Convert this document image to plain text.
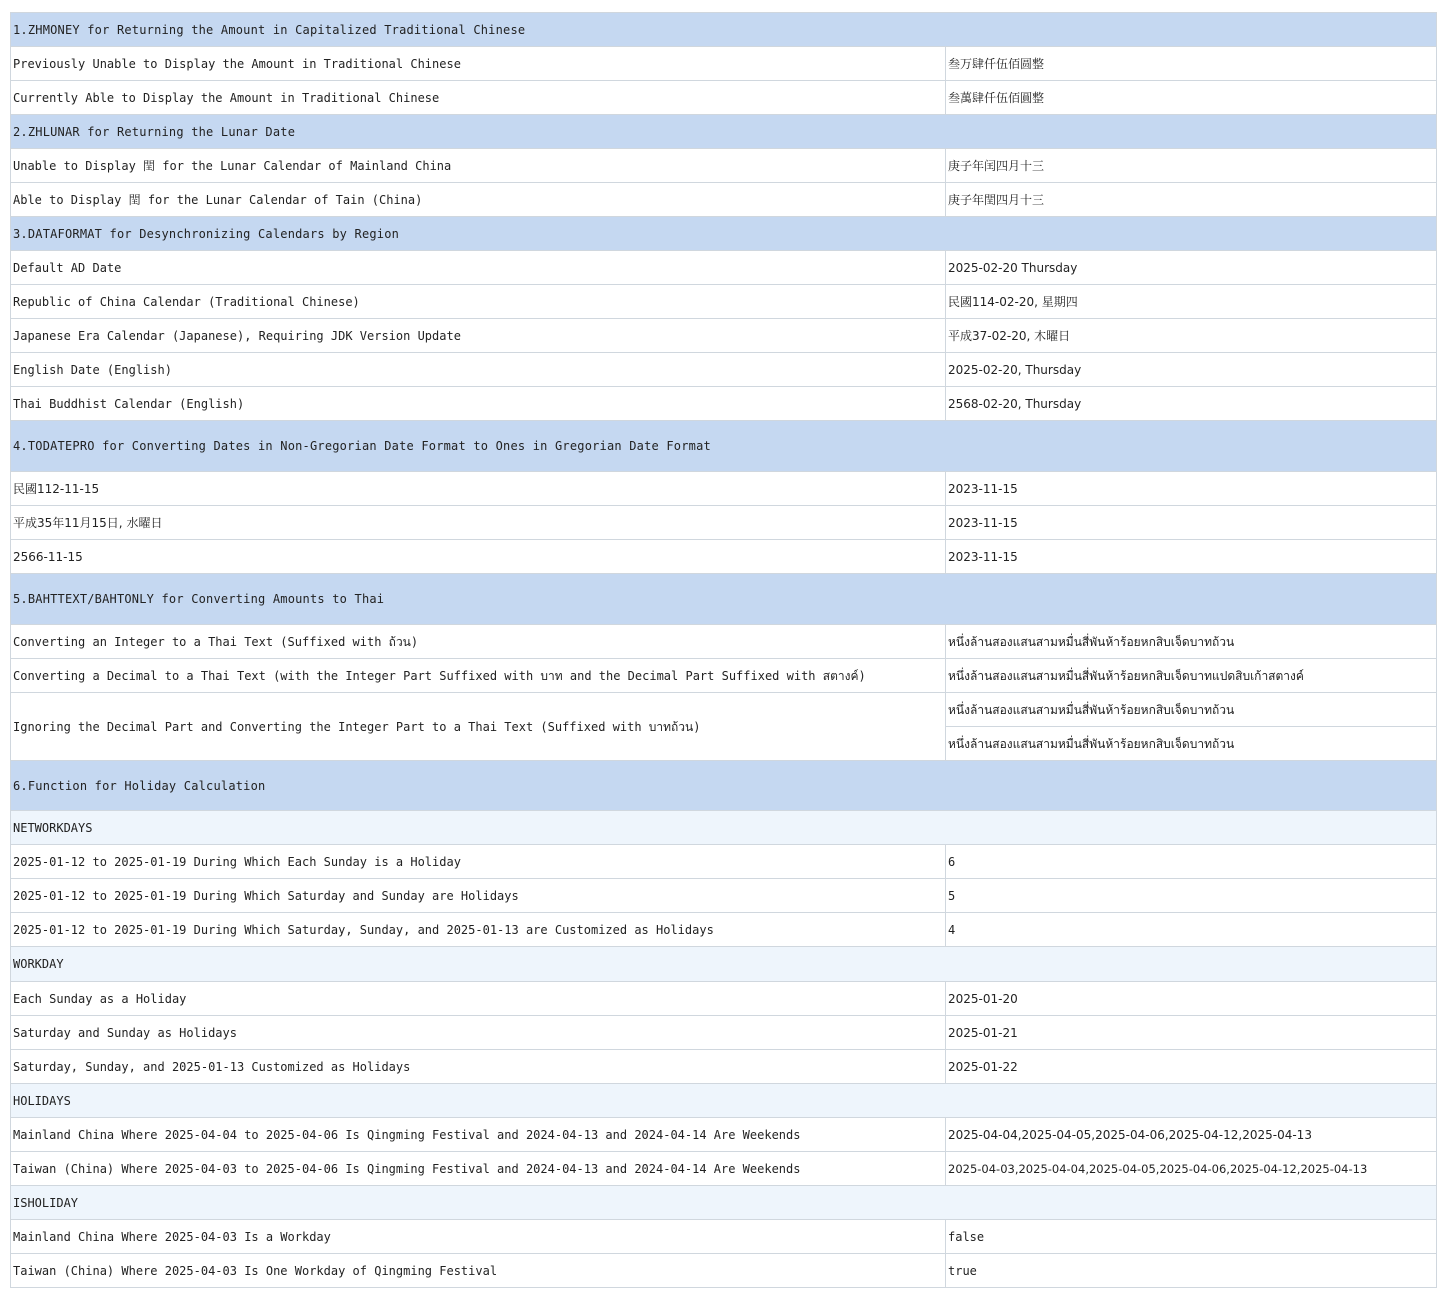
1.ZHMONEY for Returning the Amount in Capitalized Traditional Chinese	
Previously Unable to Display the Amount in Traditional Chinese	叁万肆仟伍佰圆整
Currently Able to Display the Amount in Traditional Chinese	叁萬肆仟伍佰圓整
2.ZHLUNAR for Returning the Lunar Date	
Unable to Display 閏 for the Lunar Calendar of Mainland China	庚子年闰四月十三
Able to Display 閏 for the Lunar Calendar of Tain (China)	庚子年閏四月十三
3.DATAFORMAT for Desynchronizing Calendars by Region	
Default AD Date	2025-02-20 Thursday
Republic of China Calendar (Traditional Chinese)	民國114-02-20, 星期四
Japanese Era Calendar (Japanese), Requiring JDK Version Update	平成37-02-20, 木曜日
English Date (English)	2025-02-20, Thursday
Thai Buddhist Calendar (English)	2568-02-20, Thursday
4.TODATEPRO for Converting Dates in Non-Gregorian Date Format to Ones in Gregorian Date Format	
民國112-11-15	2023-11-15
平成35年11月15日, 水曜日	2023-11-15
2566-11-15	2023-11-15
5.BAHTTEXT/BAHTONLY for Converting Amounts to Thai	
Converting an Integer to a Thai Text (Suffixed with ถ้วน)	หนึ่งล้านสองแสนสามหมื่นสี่พันห้าร้อยหกสิบเจ็ดบาทถ้วน
Converting a Decimal to a Thai Text (with the Integer Part Suffixed with บาท and the Decimal Part Suffixed with สตางค์)	หนึ่งล้านสองแสนสามหมื่นสี่พันห้าร้อยหกสิบเจ็ดบาทแปดสิบเก้าสตางค์
Ignoring the Decimal Part and Converting the Integer Part to a Thai Text (Suffixed with บาทถ้วน)	หนึ่งล้านสองแสนสามหมื่นสี่พันห้าร้อยหกสิบเจ็ดบาทถ้วน
	หนึ่งล้านสองแสนสามหมื่นสี่พันห้าร้อยหกสิบเจ็ดบาทถ้วน
6.Function for Holiday Calculation	
NETWORKDAYS	
2025-01-12 to 2025-01-19 During Which Each Sunday is a Holiday	6
2025-01-12 to 2025-01-19 During Which Saturday and Sunday are Holidays	5
2025-01-12 to 2025-01-19 During Which Saturday, Sunday, and 2025-01-13 are Customized as Holidays	4
WORKDAY	
Each Sunday as a Holiday	2025-01-20
Saturday and Sunday as Holidays	2025-01-21
Saturday, Sunday, and 2025-01-13 Customized as Holidays	2025-01-22
HOLIDAYS	
Mainland China Where 2025-04-04 to 2025-04-06 Is Qingming Festival and 2024-04-13 and 2024-04-14 Are Weekends	2025-04-04,2025-04-05,2025-04-06,2025-04-12,2025-04-13
Taiwan (China) Where 2025-04-03 to 2025-04-06 Is Qingming Festival and 2024-04-13 and 2024-04-14 Are Weekends	2025-04-03,2025-04-04,2025-04-05,2025-04-06,2025-04-12,2025-04-13
ISHOLIDAY	
Mainland China Where 2025-04-03 Is a Workday	false
Taiwan (China) Where 2025-04-03 Is One Workday of Qingming Festival	true
